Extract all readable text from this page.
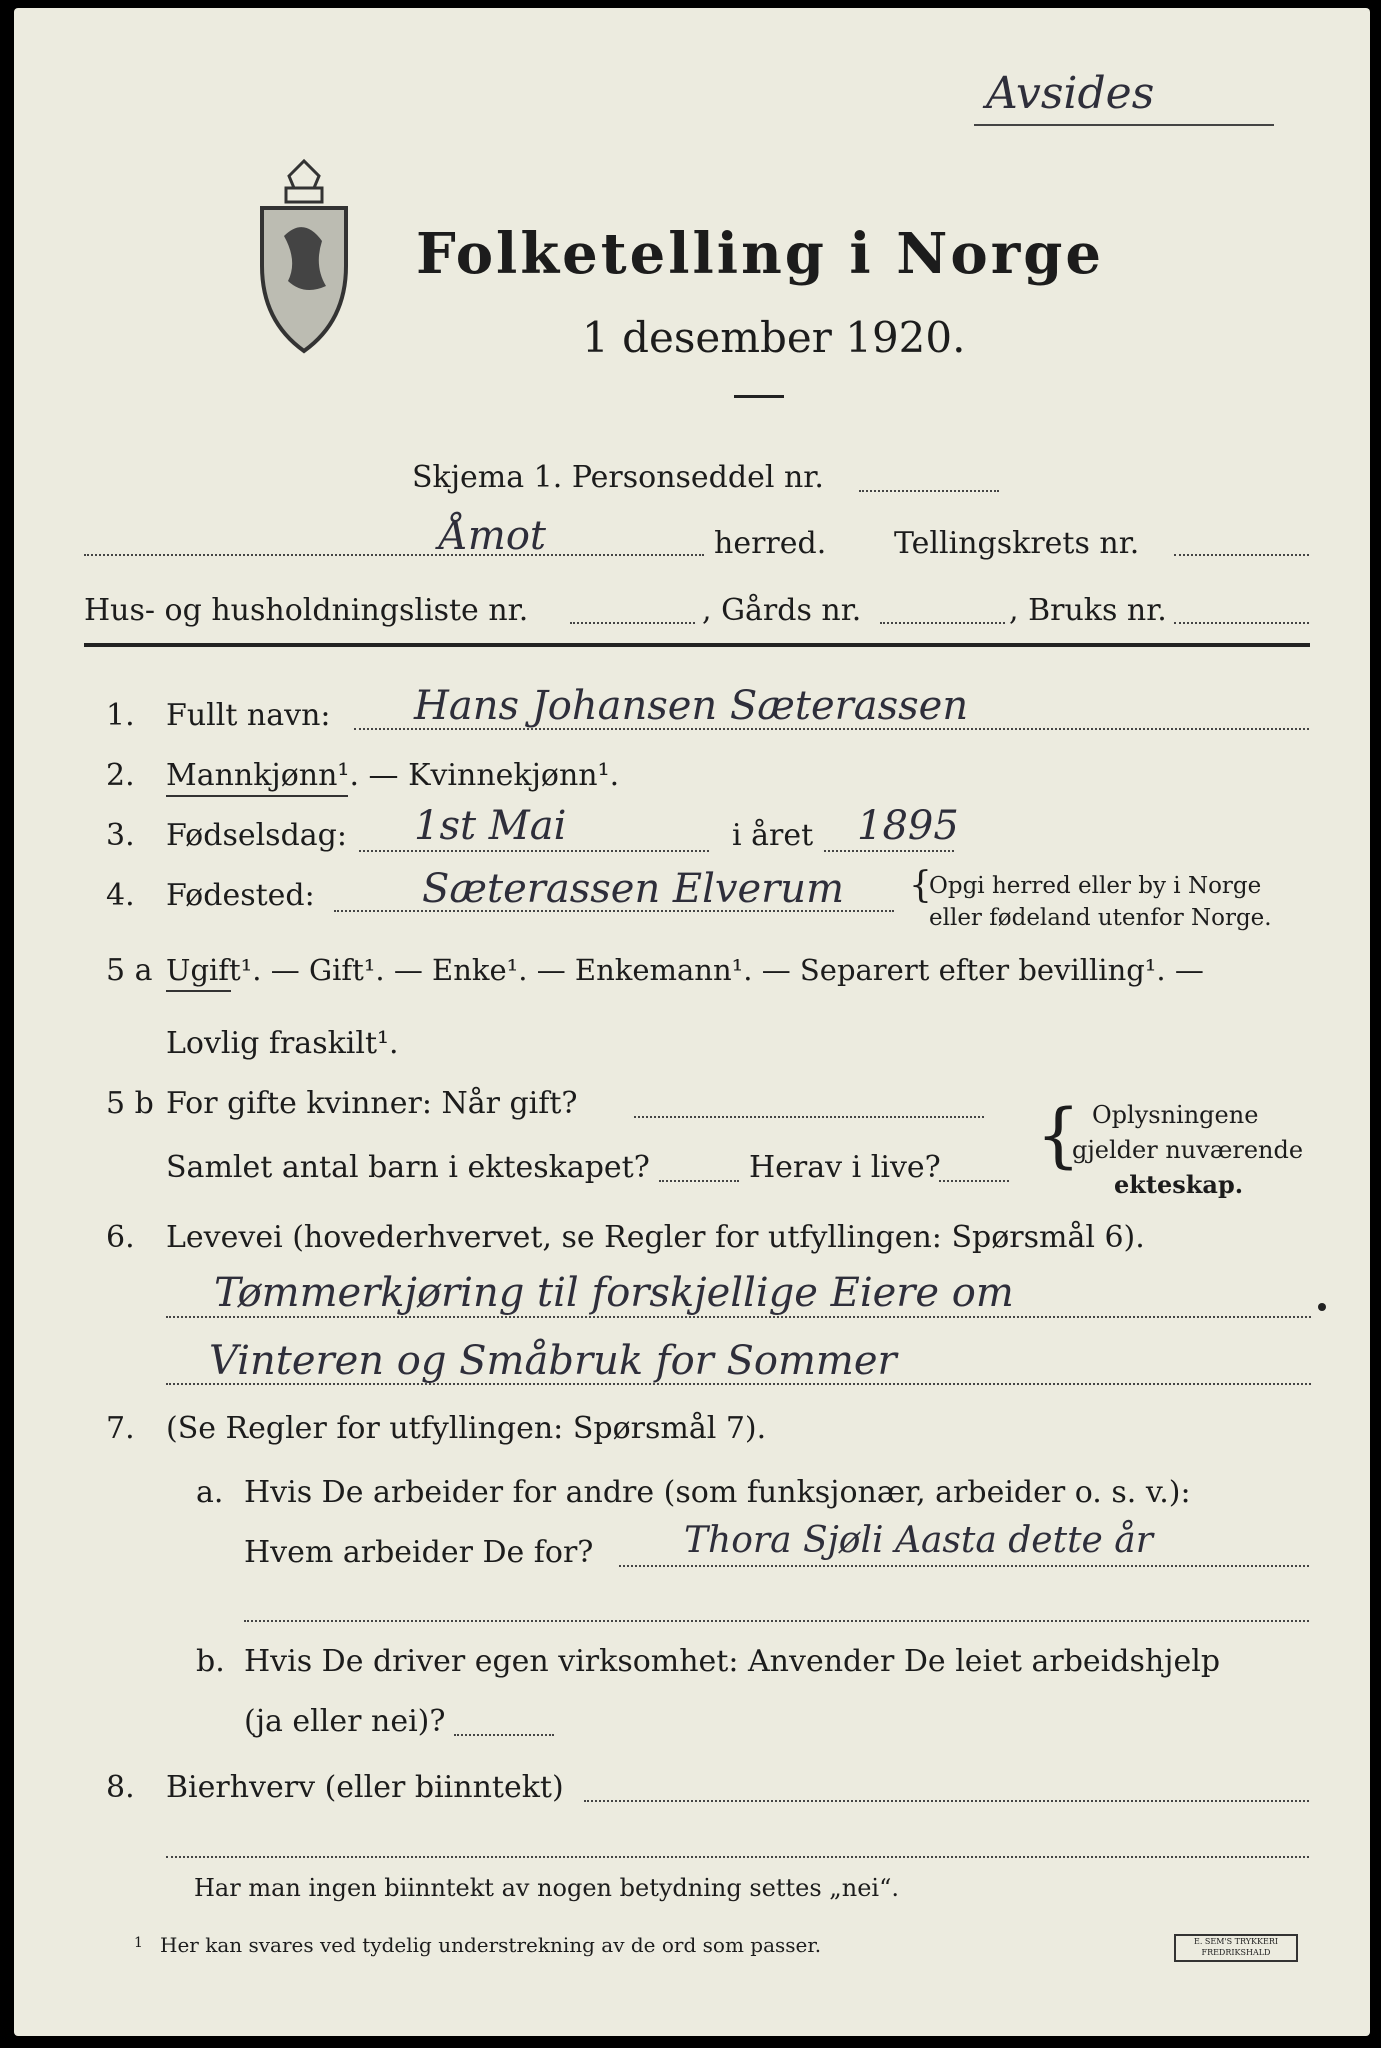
Avsides
Folketelling i Norge
1 desember 1920.
Skjema 1. Personseddel nr.
Åmot	herred. Tellingskrets nr.
Hus- og husholdningsliste nr.	, Gårds nr.	, Bruks nr.
1. Fullt navn: Hans Johansen Sæterassen
2. Mannkjønn¹. — Kvinnekjønn¹.
3. Fødselsdag: 1st Mai	i året 1895
4. Fødested:	Sæterassen Elverum {
Opgi herred eller by i Norge
eller fødeland utenfor Norge.
5 a Ugift¹. — Gift¹. — Enke¹. — Enkemann¹. — Separert efter bevilling¹. —
Lovlig fraskilt¹.
5 b For gifte kvinner: Når gift?
Samlet antal barn i ekteskapet?	Herav i live? { Oplysningene
gjelder nuværende
ekteskap.
6. Levevei (hovederhvervet, se Regler for utfyllingen: Spørsmål 6).
Tømmerkjøring til forskjellige Eiere om
Vinteren og Småbruk for Sommer
7. (Se Regler for utfyllingen: Spørsmål 7).
a. Hvis De arbeider for andre (som funksjonær, arbeider o. s. v.):
Hvem arbeider De for?	Thora Sjøli Aasta dette år
b. Hvis De driver egen virksomhet: Anvender De leiet arbeidshjelp
(ja eller nei)?
8. Bierhverv (eller biinntekt)
Har man ingen biinntekt av nogen betydning settes „nei“.
1 Her kan svares ved tydelig understrekning av de ord som passer.	E. SEM'S TRYKKERI FREDRIKSHALD
